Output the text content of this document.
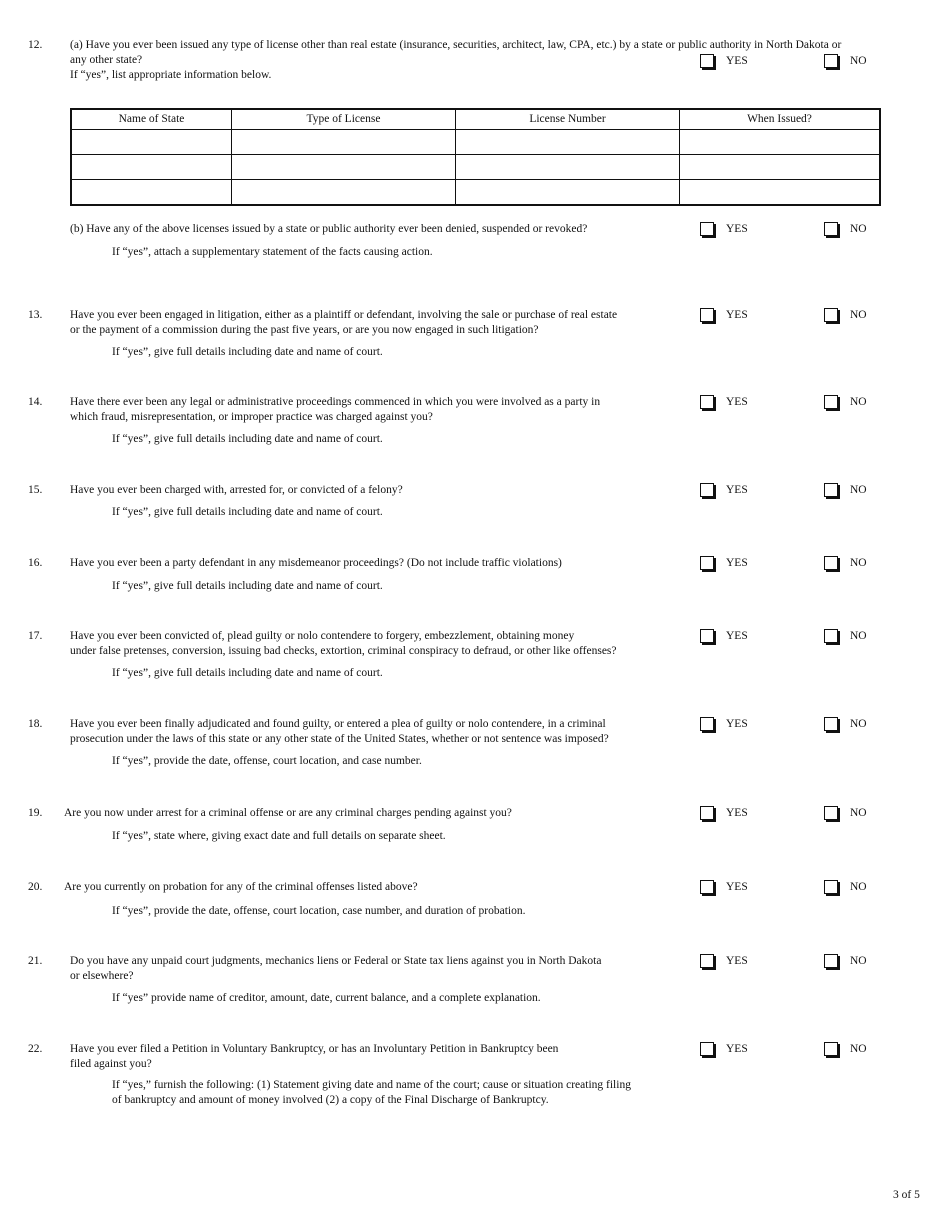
12. (a) Have you ever been issued any type of license other than real estate (insurance, securities, architect, law, CPA, etc.) by a state or public authority in North Dakota or
any other state?
If “yes”, list appropriate information below.
YES	NO
Name of State	Type of License	License Number	When Issued?

(b) Have any of the above licenses issued by a state or public authority ever been denied, suspended or revoked?
If “yes”, attach a supplementary statement of the facts causing action.
YES	NO
13. Have you ever been engaged in litigation, either as a plaintiff or defendant, involving the sale or purchase of real estate
or the payment of a commission during the past five years, or are you now engaged in such litigation?
If “yes”, give full details including date and name of court.
YES	NO
14. Have there ever been any legal or administrative proceedings commenced in which you were involved as a party in
which fraud, misrepresentation, or improper practice was charged against you?
If “yes”, give full details including date and name of court.
YES	NO
15. Have you ever been charged with, arrested for, or convicted of a felony?
If “yes”, give full details including date and name of court.
YES	NO
16. Have you ever been a party defendant in any misdemeanor proceedings? (Do not include traffic violations)
If “yes”, give full details including date and name of court.
YES	NO
17. Have you ever been convicted of, plead guilty or nolo contendere to forgery, embezzlement, obtaining money
under false pretenses, conversion, issuing bad checks, extortion, criminal conspiracy to defraud, or other like offenses?
If “yes”, give full details including date and name of court.
YES	NO
18. Have you ever been finally adjudicated and found guilty, or entered a plea of guilty or nolo contendere, in a criminal
prosecution under the laws of this state or any other state of the United States, whether or not sentence was imposed?
If “yes”, provide the date, offense, court location, and case number.
YES	NO
19. Are you now under arrest for a criminal offense or are any criminal charges pending against you?
If “yes”, state where, giving exact date and full details on separate sheet.
YES	NO
20. Are you currently on probation for any of the criminal offenses listed above?
If “yes”, provide the date, offense, court location, case number, and duration of probation.
YES	NO
21. Do you have any unpaid court judgments, mechanics liens or Federal or State tax liens against you in North Dakota
or elsewhere?
If “yes” provide name of creditor, amount, date, current balance, and a complete explanation.
YES	NO
22. Have you ever filed a Petition in Voluntary Bankruptcy, or has an Involuntary Petition in Bankruptcy been
filed against you?
If “yes,” furnish the following: (1) Statement giving date and name of the court; cause or situation creating filing
of bankruptcy and amount of money involved (2) a copy of the Final Discharge of Bankruptcy.
YES	NO
3 of 5
